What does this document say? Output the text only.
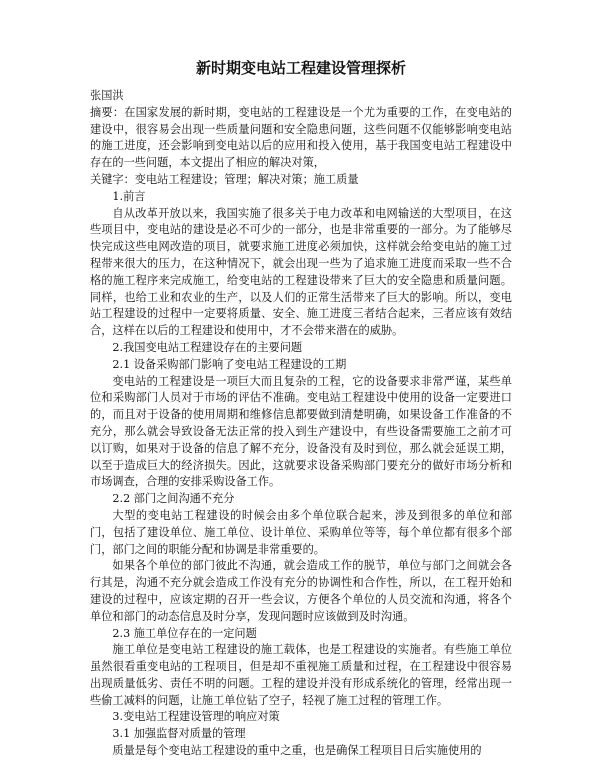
新时期变电站工程建设管理探析

张国洪

摘要：在国家发展的新时期，变电站的工程建设是一个尤为重要的工作，在变电站的建设中，很容易会出现一些质量问题和安全隐患问题，这些问题不仅能够影响变电站的施工进度，还会影响到变电站以后的应用和投入使用，基于我国变电站工程建设中存在的一些问题，本文提出了相应的解决对策，

关键字：变电站工程建设；管理；解决对策；施工质量

1.前言

自从改革开放以来，我国实施了很多关于电力改革和电网输送的大型项目，在这些项目中，变电站的建设是必不可少的一部分，也是非常重要的一部分。为了能够尽快完成这些电网改造的项目，就要求施工进度必须加快，这样就会给变电站的施工过程带来很大的压力，在这种情况下，就会出现一些为了追求施工进度而采取一些不合格的施工程序来完成施工，给变电站的工程建设带来了巨大的安全隐患和质量问题。同样，也给工业和农业的生产，以及人们的正常生活带来了巨大的影响。所以，变电站工程建设的过程中一定要将质量、安全、施工进度三者结合起来，三者应该有效结合，这样在以后的工程建设和使用中，才不会带来潜在的威胁。

2.我国变电站工程建设存在的主要问题

2.1 设备采购部门影响了变电站工程建设的工期

变电站的工程建设是一项巨大而且复杂的工程，它的设备要求非常严谨，某些单位和采购部门人员对于市场的评估不准确。变电站工程建设中使用的设备一定要进口的，而且对于设备的使用周期和维修信息都要做到清楚明确，如果设备工作准备的不充分，那么就会导致设备无法正常的投入到生产建设中，有些设备需要施工之前才可以订购，如果对于设备的信息了解不充分，设备没有及时到位，那么就会延误工期，以至于造成巨大的经济损失。因此，这就要求设备采购部门要充分的做好市场分析和市场调查，合理的安排采购设备工作。

2.2 部门之间沟通不充分

大型的变电站工程建设的时候会由多个单位联合起来，涉及到很多的单位和部门，包括了建设单位、施工单位、设计单位、采购单位等等，每个单位都有很多个部门，部门之间的职能分配和协调是非常重要的。

如果各个单位的部门彼此不沟通，就会造成工作的脱节，单位与部门之间就会各行其是，沟通不充分就会造成工作没有充分的协调性和合作性，所以，在工程开始和建设的过程中，应该定期的召开一些会议，方便各个单位的人员交流和沟通，将各个单位和部门的动态信息及时分享，发现问题时应该做到及时沟通。

2.3 施工单位存在的一定问题

施工单位是变电站工程建设的施工载体，也是工程建设的实施者。有些施工单位虽然很看重变电站的工程项目，但是却不重视施工质量和过程，在工程建设中很容易出现质量低劣、责任不明的问题。工程的建设并没有形成系统化的管理，经常出现一些偷工减料的问题，让施工单位钻了空子，轻视了施工过程的管理工作。

3.变电站工程建设管理的响应对策

3.1 加强监督对质量的管理

质量是每个变电站工程建设的重中之重，也是确保工程项目日后实施使用的
